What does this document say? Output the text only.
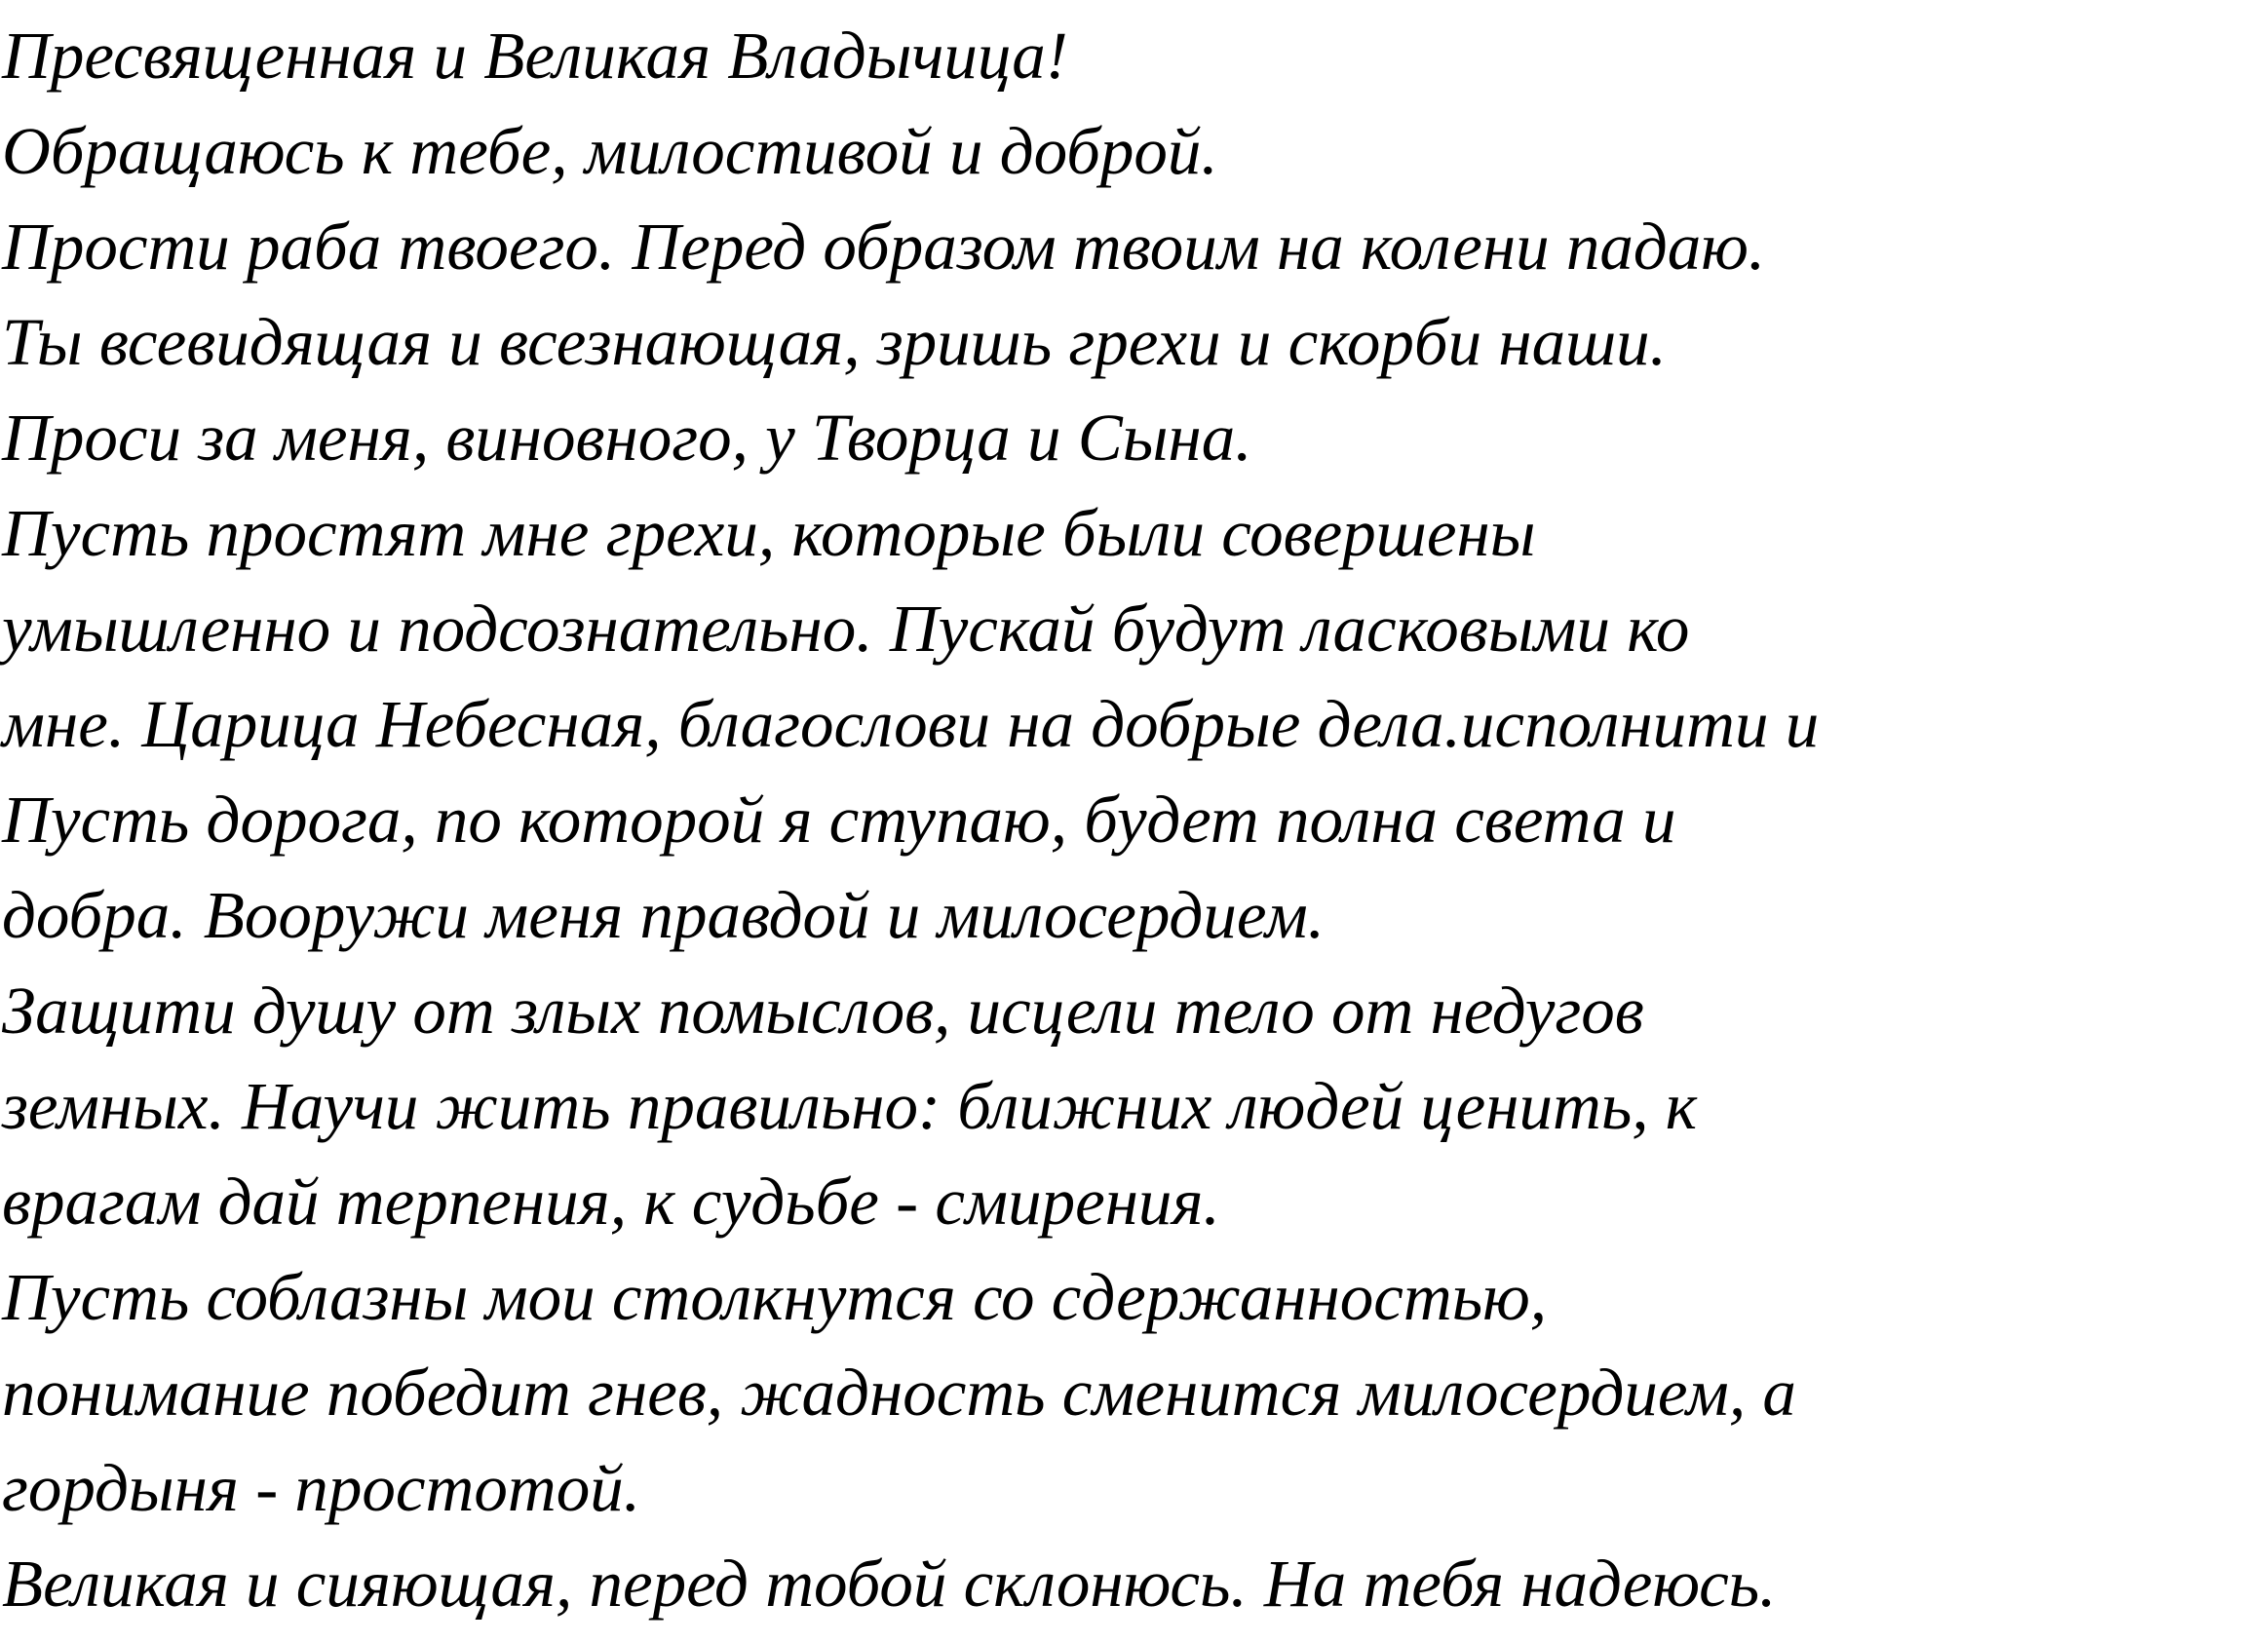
Пресвященная и Великая Владычица!

Обращаюсь к тебе, милостивой и доброй.

Прости раба твоего. Перед образом твоим на колени падаю.

Ты всевидящая и всезнающая, зришь грехи и скорби наши.

Проси за меня, виновного, у Творца и Сына.

Пусть простят мне грехи, которые были совершены

умышленно и подсознательно. Пускай будут ласковыми ко

мне. Царица Небесная, благослови на добрые дела.исполнити и

Пусть дорога, по которой я ступаю, будет полна света и

добра. Вооружи меня правдой и милосердием.

Защити душу от злых помыслов, исцели тело от недугов

земных. Научи жить правильно: ближних людей ценить, к

врагам дай терпения, к судьбе - смирения.

Пусть соблазны мои столкнутся со сдержанностью,

понимание победит гнев, жадность сменится милосердием, а

гордыня - простотой.

Великая и сияющая, перед тобой склонюсь. На тебя надеюсь.
